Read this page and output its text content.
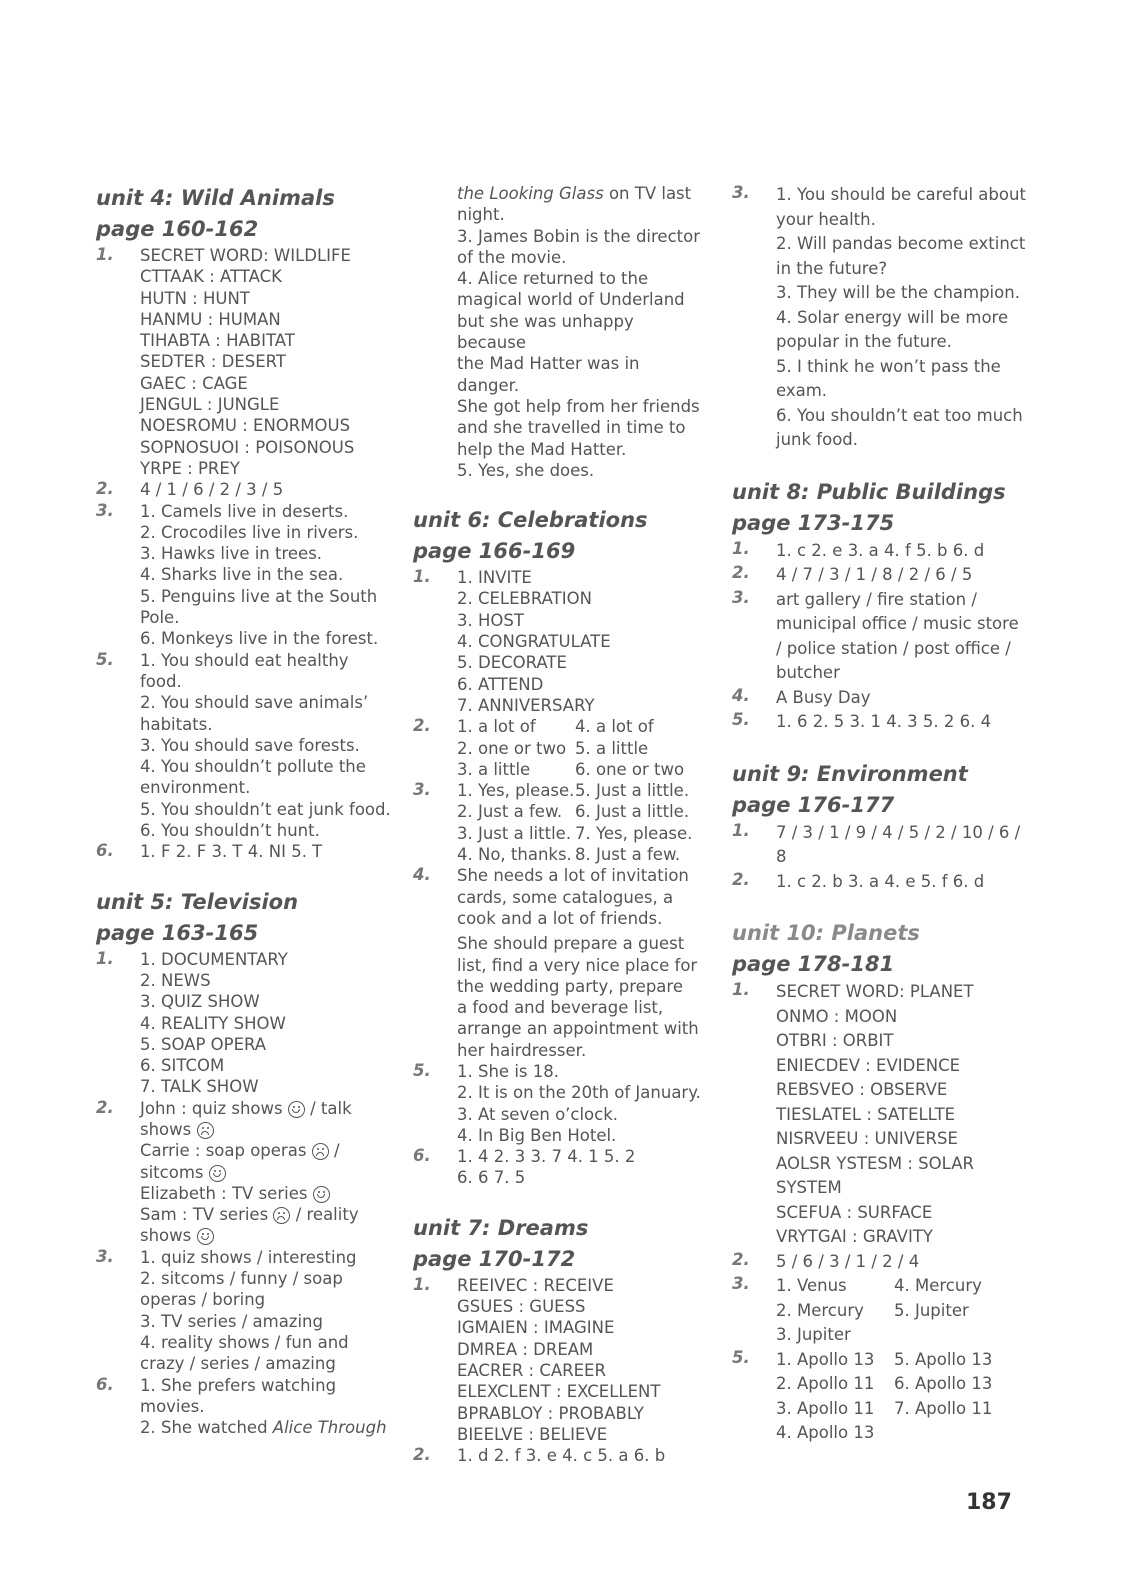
unit 4: Wild Animals
page 160-162
1. SECRET WORD: WILDLIFE
CTTAAK : ATTACK
HUTN : HUNT
HANMU : HUMAN
TIHABTA : HABITAT
SEDTER : DESERT
GAEC : CAGE
JENGUL : JUNGLE
NOESROMU : ENORMOUS
SOPNOSUOI : POISONOUS
YRPE : PREY
2. 4 / 1 / 6 / 2 / 3 / 5
3. 1. Camels live in deserts.
2. Crocodiles live in rivers.
3. Hawks live in trees.
4. Sharks live in the sea.
5. Penguins live at the South
Pole.
6. Monkeys live in the forest.
5. 1. You should eat healthy
food.
2. You should save animals’
habitats.
3. You should save forests.
4. You shouldn’t pollute the
environment.
5. You shouldn’t eat junk food.
6. You shouldn’t hunt.
6. 1. F 2. F 3. T 4. NI 5. T
unit 5: Television
page 163-165
1. 1. DOCUMENTARY
2. NEWS
3. QUIZ SHOW
4. REALITY SHOW
5. SOAP OPERA
6. SITCOM
7. TALK SHOW
2. John : quiz shows / talk
shows
Carrie : soap operas /
sitcoms
Elizabeth : TV series
Sam : TV series / reality
shows
3. 1. quiz shows / interesting
2. sitcoms / funny / soap
operas / boring
3. TV series / amazing
4. reality shows / fun and
crazy / series / amazing
6. 1. She prefers watching
movies.
2. She watched Alice Through
the Looking Glass on TV last
night.
3. James Bobin is the director
of the movie.
4. Alice returned to the
magical world of Underland
but she was unhappy because
the Mad Hatter was in danger.
She got help from her friends
and she travelled in time to
help the Mad Hatter.
5. Yes, she does.
unit 6: Celebrations
page 166-169
1. 1. INVITE
2. CELEBRATION
3. HOST
4. CONGRATULATE
5. DECORATE
6. ATTEND
7. ANNIVERSARY
2. 1. a lot of	4. a lot of
2. one or two 5. a little
3. a little	6. one or two
3. 1. Yes, please. 5. Just a little.
2. Just a few. 6. Just a little.
3. Just a little. 7. Yes, please.
4. No, thanks. 8. Just a few.
4. She needs a lot of invitation
cards, some catalogues, a
cook and a lot of friends.
She should prepare a guest
list, find a very nice place for
the wedding party, prepare
a food and beverage list,
arrange an appointment with
her hairdresser.
5. 1. She is 18.
2. It is on the 20th of January.
3. At seven o’clock.
4. In Big Ben Hotel.
6. 1. 4 2. 3 3. 7 4. 1 5. 2
6. 6 7. 5
unit 7: Dreams
page 170-172
1. REEIVEC : RECEIVE
GSUES : GUESS
IGMAIEN : IMAGINE
DMREA : DREAM
EACRER : CAREER
ELEXCLENT : EXCELLENT
BPRABLOY : PROBABLY
BIEELVE : BELIEVE
2. 1. d 2. f 3. e 4. c 5. a 6. b
3. 1. You should be careful about
your health.
2. Will pandas become extinct
in the future?
3. They will be the champion.
4. Solar energy will be more
popular in the future.
5. I think he won’t pass the
exam.
6. You shouldn’t eat too much
junk food.
unit 8: Public Buildings
page 173-175
1. 1. c 2. e 3. a 4. f 5. b 6. d
2. 4 / 7 / 3 / 1 / 8 / 2 / 6 / 5
3. art gallery / fire station /
municipal office / music store
/ police station / post office /
butcher
4. A Busy Day
5. 1. 6 2. 5 3. 1 4. 3 5. 2 6. 4
unit 9: Environment
page 176-177
1. 7 / 3 / 1 / 9 / 4 / 5 / 2 / 10 / 6 / 8
2. 1. c 2. b 3. a 4. e 5. f 6. d
unit 10: Planets
page 178-181
1. SECRET WORD: PLANET
ONMO : MOON
OTBRI : ORBIT
ENIECDEV : EVIDENCE
REBSVEO : OBSERVE
TIESLATEL : SATELLTE
NISRVEEU : UNIVERSE
AOLSR YSTESM : SOLAR
SYSTEM
SCEFUA : SURFACE
VRYTGAI : GRAVITY
2. 5 / 6 / 3 / 1 / 2 / 4
3. 1. Venus	4. Mercury
2. Mercury	5. Jupiter
3. Jupiter
5. 1. Apollo 13	5. Apollo 13
2. Apollo 11	6. Apollo 13
3. Apollo 11	7. Apollo 11
4. Apollo 13
187
